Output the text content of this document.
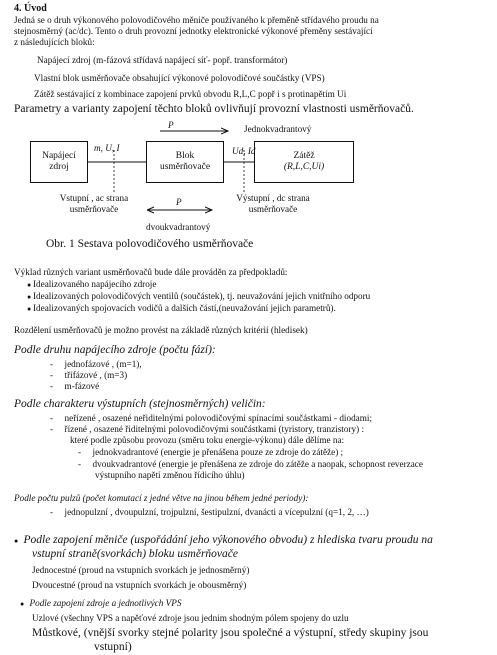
4. Úvod
Jedná se o druh výkonového polovodičového měniče používaného k přeměně střídavého proudu na
stejnosměrný (ac/dc). Tento o druh provozní jednotky elektronické výkonové přeměny sestávající
z následujících bloků:
Napájecí zdroj (m-fázová střídavá napájecí síť- popř. transformátor)
Vlastní blok usměrňovače obsahující výkonové polovodičové součástky (VPS)
Zátěž sestávající z kombinace zapojení prvků obvodu R,L,C popř i s protinapětím Ui
Parametry a varianty zapojení těchto bloků ovlivňují provozní vlastnosti usměrňovačů.
P	Jednokvadrantový
Napájecí
zdroj
m, U, I
Blok
usměrňovače
Ud, Id	Zátěž
(R,L,C,Ui)
Vstupní , ac strana
usměrňovače
P	Výstupní , dc strana
usměrňovače
dvoukvadrantový
Obr. 1 Sestava polovodičového usměrňovače
Výklad různých variant usměrňovačů bude dále prováděn za předpokladů:
● Idealizovaného napájecího zdroje
● Idealizovaných polovodičových ventilů (součástek), tj. neuvažování jejich vnitřního odporu
● Idealizovaných spojovacích vodičů a dalších částí,(neuvažování jejich parametrů).
Rozdělení usměrňovačů je možno provést na základě různých kritérií (hledisek)
Podle druhu napájecího zdroje (počtu fází):
-     jednofázové , (m=1),
-     třífázové , (m=3)
-     m-fázové
Podle charakteru výstupních (stejnosměrných) veličin:
-     neřízené , osazené neřiditelnými polovodičovými spínacími součástkami - diodami;
-     řízené , osazené řiditelnými polovodičovými součástkami (tyristory, tranzistory) :
které podle způsobu provozu (směru toku energie-výkonu) dále dělíme na:
-     jednokvadrantové (energie je přenášena pouze ze zdroje do zátěže) ;
-     dvoukvadrantové (energie je přenášena ze zdroje do zátěže a naopak, schopnost reverzace
výstupního napětí změnou řídicího úhlu)
Podle počtu pulzů (počet komutací z jedné větve na jinou během jedné periody):
-     jednopulzní , dvoupulzní, trojpulzní, šestipulzní, dvanácti a vícepulzní (q=1, 2, …)
●   Podle zapojení měniče (uspořádání jeho výkonového obvodu) z hlediska tvaru proudu na
vstupní straně(svorkách) bloku usměrňovače
Jednocestné (proud na vstupních svorkách je jednosměrný)
Dvoucestné (proud na vstupních svorkách je obousměrný)
●   Podle zapojení zdroje a jednotlivých VPS
Uzlové (všechny VPS a napěťové zdroje jsou jedním shodným pólem spojeny do uzlu
Můstkové, (vnější svorky stejné polarity jsou společné a výstupní, středy skupiny jsou
vstupní)
